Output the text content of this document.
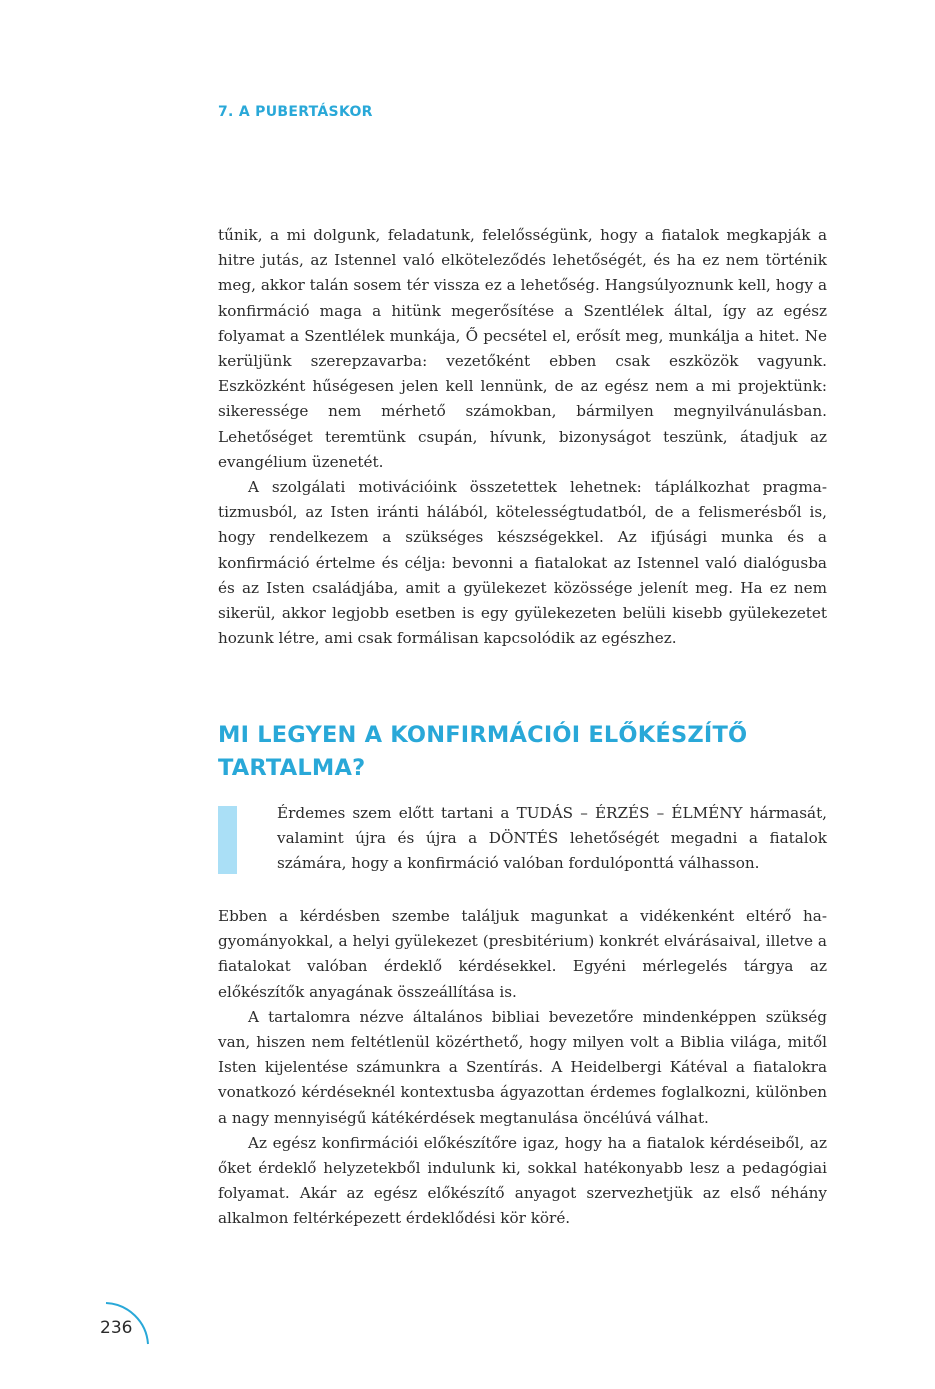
7. A PUBERTÁSKOR

tűnik, a mi dolgunk, feladatunk, felelősségünk, hogy a fiatalok megkapják a hitre jutás, az Istennel való elköteleződés lehetőségét, és ha ez nem történik meg, akkor talán sosem tér vissza ez a lehetőség. Hangsúlyoznunk kell, hogy a konfirmáció maga a hitünk megerősítése a Szentlélek által, így az egész folyamat a Szentlélek munkája, Ő pecsétel el, erősít meg, munkálja a hitet. Ne kerüljünk szerepzavarba: vezetőként ebben csak eszközök vagyunk. Eszközként hűségesen jelen kell lennünk, de az egész nem a mi projektünk: sikeressége nem mérhető számokban, bármilyen megnyilvánulásban. Lehetőséget teremtünk csupán, hívunk, bizonyságot teszünk, átadjuk az evangélium üzenetét.

A szolgálati motivációink összetettek lehetnek: táplálkozhat pragmatizmusból, az Isten iránti hálából, kötelességtudatból, de a felismerésből is, hogy rendelkezem a szükséges készségekkel. Az ifjúsági munka és a konfirmáció értelme és célja: bevonni a fiatalokat az Istennel való dialógusba és az Isten családjába, amit a gyülekezet közössége jelenít meg. Ha ez nem sikerül, akkor legjobb esetben is egy gyülekezeten belüli kisebb gyülekezetet hozunk létre, ami csak formálisan kapcsolódik az egészhez.

MI LEGYEN A KONFIRMÁCIÓI ELŐKÉSZÍTŐ
TARTALMA?

Érdemes szem előtt tartani a TUDÁS – ÉRZÉS – ÉLMÉNY hármasát, valamint újra és újra a DÖNTÉS lehetőségét megadni a fiatalok számára, hogy a konfirmáció valóban fordulóponttá válhasson.

Ebben a kérdésben szembe találjuk magunkat a vidékenként eltérő hagyományokkal, a helyi gyülekezet (presbitérium) konkrét elvárásaival, illetve a fiatalokat valóban érdeklő kérdésekkel. Egyéni mérlegelés tárgya az előkészítők anyagának összeállítása is.

A tartalomra nézve általános bibliai bevezetőre mindenképpen szükség van, hiszen nem feltétlenül közérthető, hogy milyen volt a Biblia világa, mitől Isten kijelentése számunkra a Szentírás. A Heidelbergi Kátéval a fiatalokra vonatkozó kérdéseknél kontextusba ágyazottan érdemes foglalkozni, különben a nagy mennyiségű kátékérdések megtanulása öncélúvá válhat.

Az egész konfirmációi előkészítőre igaz, hogy ha a fiatalok kérdéseiből, az őket érdeklő helyzetekből indulunk ki, sokkal hatékonyabb lesz a pedagógiai folyamat. Akár az egész előkészítő anyagot szervezhetjük az első néhány alkalmon feltérképezett érdeklődési kör köré.

236
